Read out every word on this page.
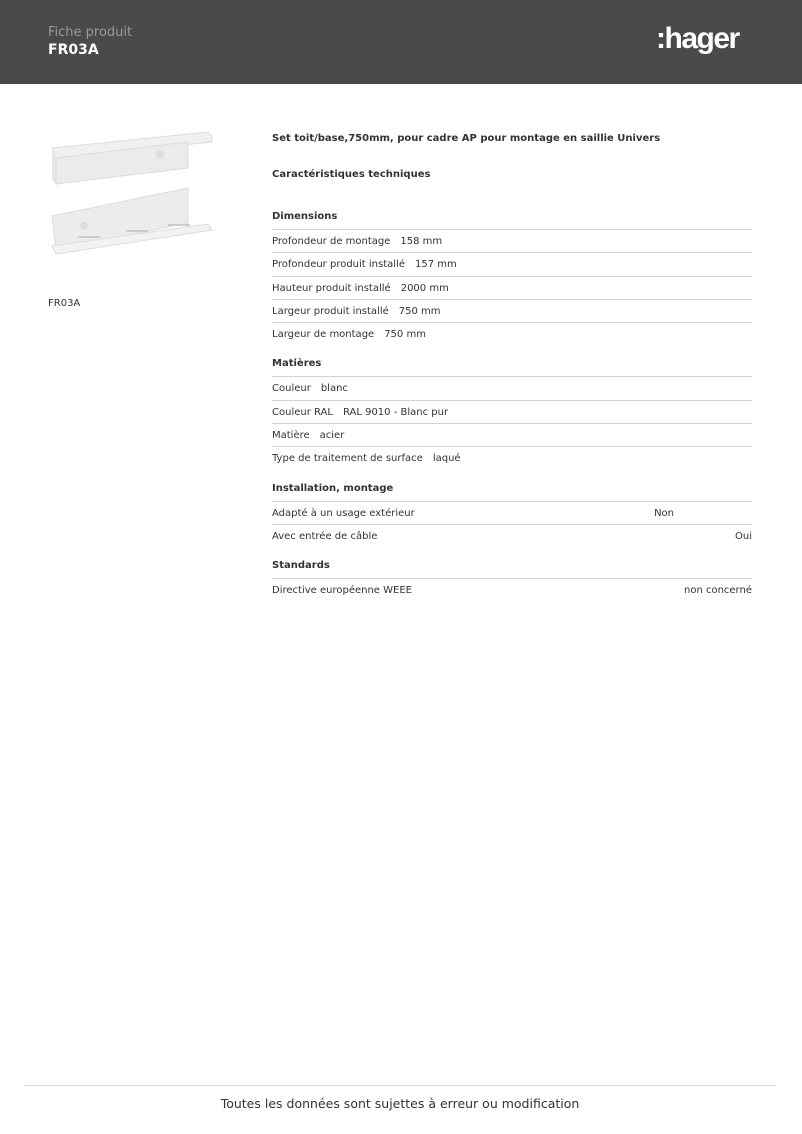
Fiche produit
FR03A	:hager
FR03A
Set toit/base,750mm, pour cadre AP pour montage en saillie Univers
Caractéristiques techniques
Dimensions
Profondeur de montage 158 mm
Profondeur produit installé 157 mm
Hauteur produit installé 2000 mm
Largeur produit installé 750 mm
Largeur de montage 750 mm
Matières
Couleur blanc
Couleur RAL RAL 9010 - Blanc pur
Matière acier
Type de traitement de surface laqué
Installation, montage
Adapté à un usage extérieur	Non
Avec entrée de câble	Oui
Standards
Directive européenne WEEE	non concerné
Toutes les données sont sujettes à erreur ou modification
